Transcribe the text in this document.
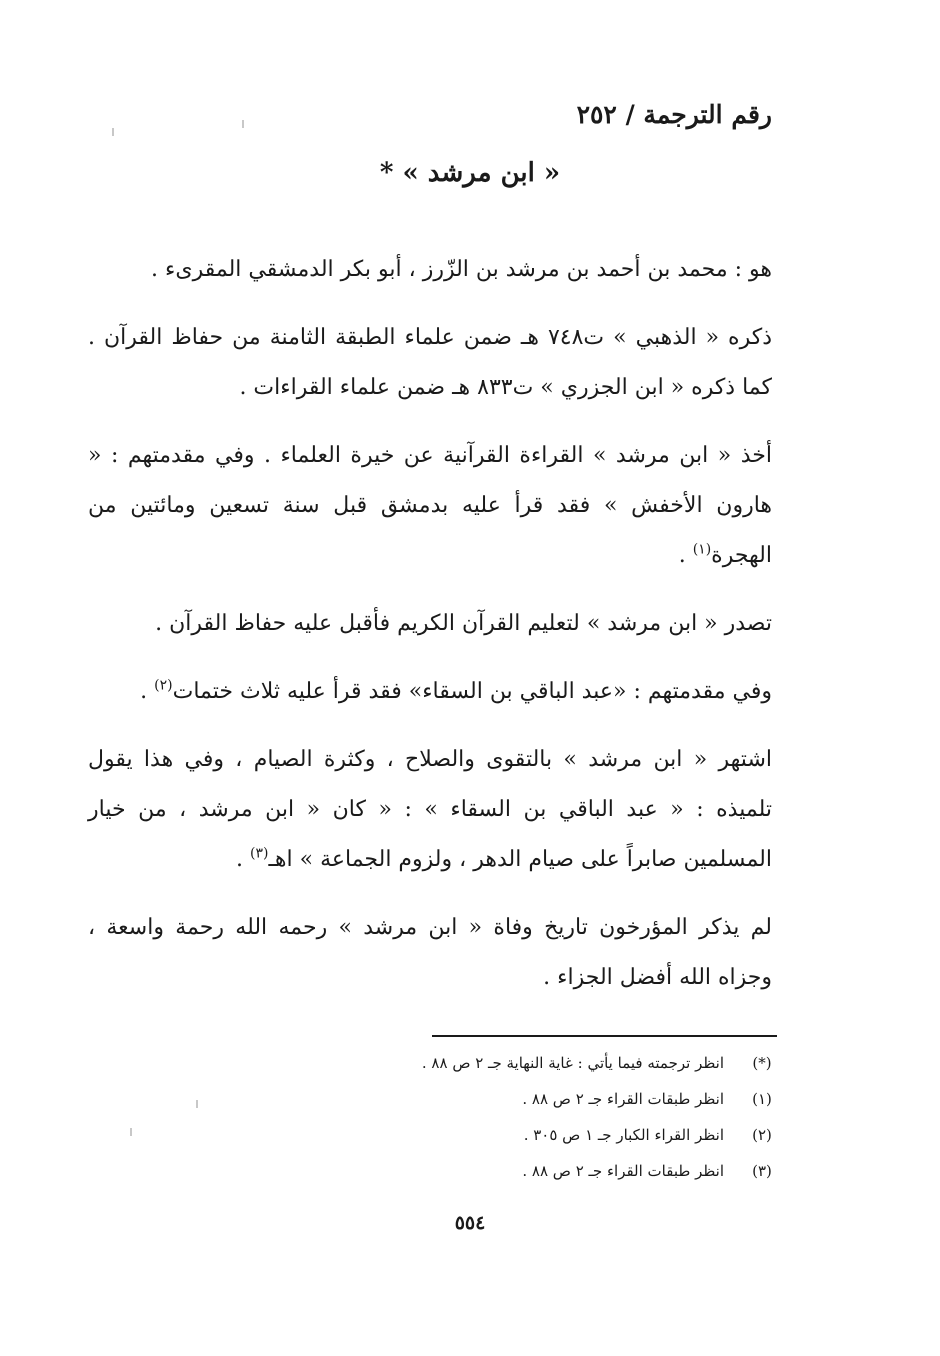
رقم الترجمة / ٢٥٢
« ابن مرشد » *

هو : محمد بن أحمد بن مرشد بن الزّرز ، أبو بكر الدمشقي المقرىء .

ذكره « الذهبي » ت٧٤٨ هـ ضمن علماء الطبقة الثامنة من حفاظ القرآن . كما ذكره « ابن الجزري » ت٨٣٣ هـ ضمن علماء القراءات .

أخذ « ابن مرشد » القراءة القرآنية عن خيرة العلماء . وفي مقدمتهم : « هارون الأخفش » فقد قرأ عليه بدمشق قبل سنة تسعين ومائتين من الهجرة$^{(١)}$ .

تصدر « ابن مرشد » لتعليم القرآن الكريم فأقبل عليه حفاظ القرآن .

وفي مقدمتهم : «عبد الباقي بن السقاء» فقد قرأ عليه ثلاث ختمات$^{(٢)}$ .

اشتهر « ابن مرشد » بالتقوى والصلاح ، وكثرة الصيام ، وفي هذا يقول تلميذه : « عبد الباقي بن السقاء » : « كان « ابن مرشد ، من خيار المسلمين صابراً على صيام الدهر ، ولزوم الجماعة » اهـ$^{(٣)}$ .

لم يذكر المؤرخون تاريخ وفاة « ابن مرشد » رحمه الله رحمة واسعة ، وجزاه الله أفضل الجزاء .

(*)
انظر ترجمته فيما يأتي : غاية النهاية جـ ٢ ص ٨٨ .
(١)
انظر طبقات القراء جـ ٢ ص ٨٨ .
(٢)
انظر القراء الكبار جـ ١ ص ٣٠٥ .
(٣)
انظر طبقات القراء جـ ٢ ص ٨٨ .
٥٥٤
